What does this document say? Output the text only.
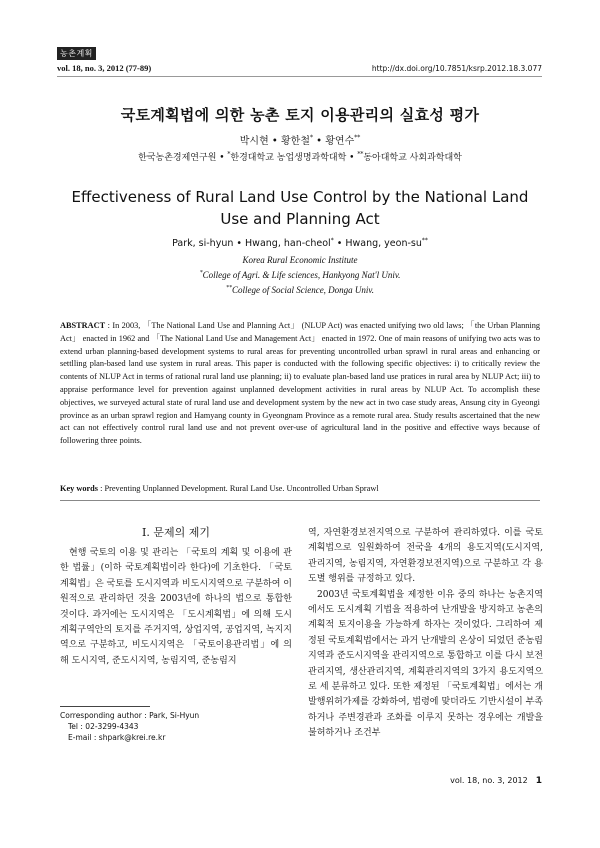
농촌계획
vol. 18, no. 3, 2012 (77-89)	http://dx.doi.org/10.7851/ksrp.2012.18.3.077
국토계획법에 의한 농촌 토지 이용관리의 실효성 평가
박시현 • 황한철* • 황연수**
한국농촌경제연구원 • *한경대학교 농업생명과학대학 • **동아대학교 사회과학대학
Effectiveness of Rural Land Use Control by the National Land Use and Planning Act
Park, si-hyun • Hwang, han-cheol* • Hwang, yeon-su**
Korea Rural Economic Institute
*College of Agri. & Life sciences, Hankyong Nat'l Univ.
**College of Social Science, Donga Univ.
ABSTRACT : In 2003, 「The National Land Use and Planning Act」 (NLUP Act) was enacted unifying two old laws; 「the Urban Planning Act」 enacted in 1962 and 「The National Land Use and Management Act」 enacted in 1972. One of main reasons of unifying two acts was to extend urban planning-based development systems to rural areas for preventing uncontrolled urban sprawl in rural areas and enhancing or settlling plan-based land use system in rural areas. This paper is conducted with the following specific objectives: i) to critically review the contents of NLUP Act in terms of rational rural land use planning; ii) to evaluate plan-based land use pratices in rural area by NLUP Act; iii) to appraise performance level for prevention against unplanned development activities in rural areas by NLUP Act. To accomplish these objectives, we surveyed actural state of rural land use and development system by the new act in two case study areas, Ansung city in Gyeongi province as an urban sprawl region and Hamyang county in Gyeongnam Province as a remote rural area. Study results ascertained that the new act can not effectively control rural land use and not prevent over-use of agricultural land in the positive and effective ways because of followering three points.
Key words : Preventing Unplanned Development. Rural Land Use. Uncontrolled Urban Sprawl
I. 문제의 제기

현행 국토의 이용 및 관리는 「국토의 계획 및 이용에 관한 법률」(이하 국토계획법이라 한다)에 기초한다. 「국토계획법」은 국토를 도시지역과 비도시지역으로 구분하여 이원적으로 관리하던 것을 2003년에 하나의 법으로 통합한 것이다. 과거에는 도시지역은 「도시계획법」에 의해 도시계획구역안의 토지를 주거지역, 상업지역, 공업지역, 녹지지역으로 구분하고, 비도시지역은 「국토이용관리법」에 의해 도시지역, 준도시지역, 농림지역, 준농림지

역, 자연환경보전지역으로 구분하여 관리하였다. 이를 국토계획법으로 일원화하여 전국을 4개의 용도지역(도시지역, 관리지역, 농림지역, 자연환경보전지역)으로 구분하고 각 용도별 행위를 규정하고 있다.

2003년 국토계획법을 제정한 이유 중의 하나는 농촌지역에서도 도시계획 기법을 적용하여 난개발을 방지하고 농촌의 계획적 토지이용을 가능하게 하자는 것이었다. 그리하여 제정된 국토계획법에서는 과거 난개발의 온상이 되었던 준농림지역과 준도시지역을 관리지역으로 통합하고 이를 다시 보전관리지역, 생산관리지역, 계획관리지역의 3가지 용도지역으로 세 분류하고 있다. 또한 제정된 「국토계획법」에서는 개발행위허가제를 강화하여, 법령에 맞더라도 기반시설이 부족하거나 주변경관과 조화를 이루지 못하는 경우에는 개발을 불허하거나 조건부

Corresponding author : Park, Si-Hyun
Tel : 02-3299-4343
E-mail : shpark@krei.re.kr
vol. 18, no. 3, 2012 1
